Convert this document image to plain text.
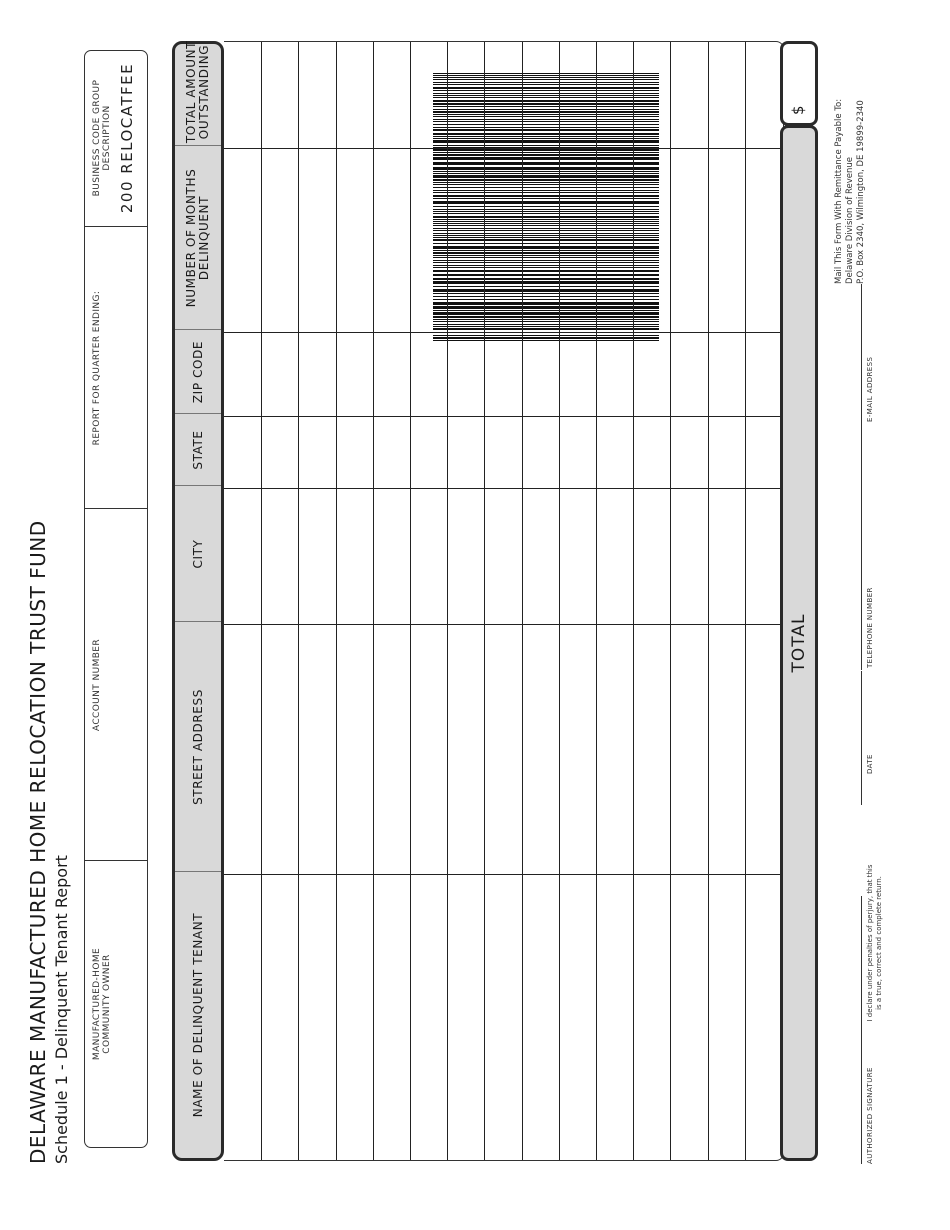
DELAWARE MANUFACTURED HOME RELOCATION TRUST FUND Schedule 1 - Delinquent Tenant Report MANUFACTURED-HOME COMMUNITY OWNER
ACCOUNT NUMBER
REPORT FOR QUARTER ENDING:
BUSINESS CODE GROUP DESCRIPTION 200 RELOCATFEE
NAME OF DELINQUENT TENANT
STREET ADDRESS
CITY
STATE
ZIP CODE
NUMBER OF MONTHS DELINQUENT
TOTAL AMOUNT OUTSTANDING
TOTAL
$
AUTHORIZED SIGNATURE
I declare under penalties of perjury, that this is a true, correct and complete return.
DATE
TELEPHONE NUMBER
E-MAIL ADDRESS
Mail This Form With Remittance Payable To: Delaware Division of Revenue P.O. Box 2340, Wilmington, DE 19899-2340
